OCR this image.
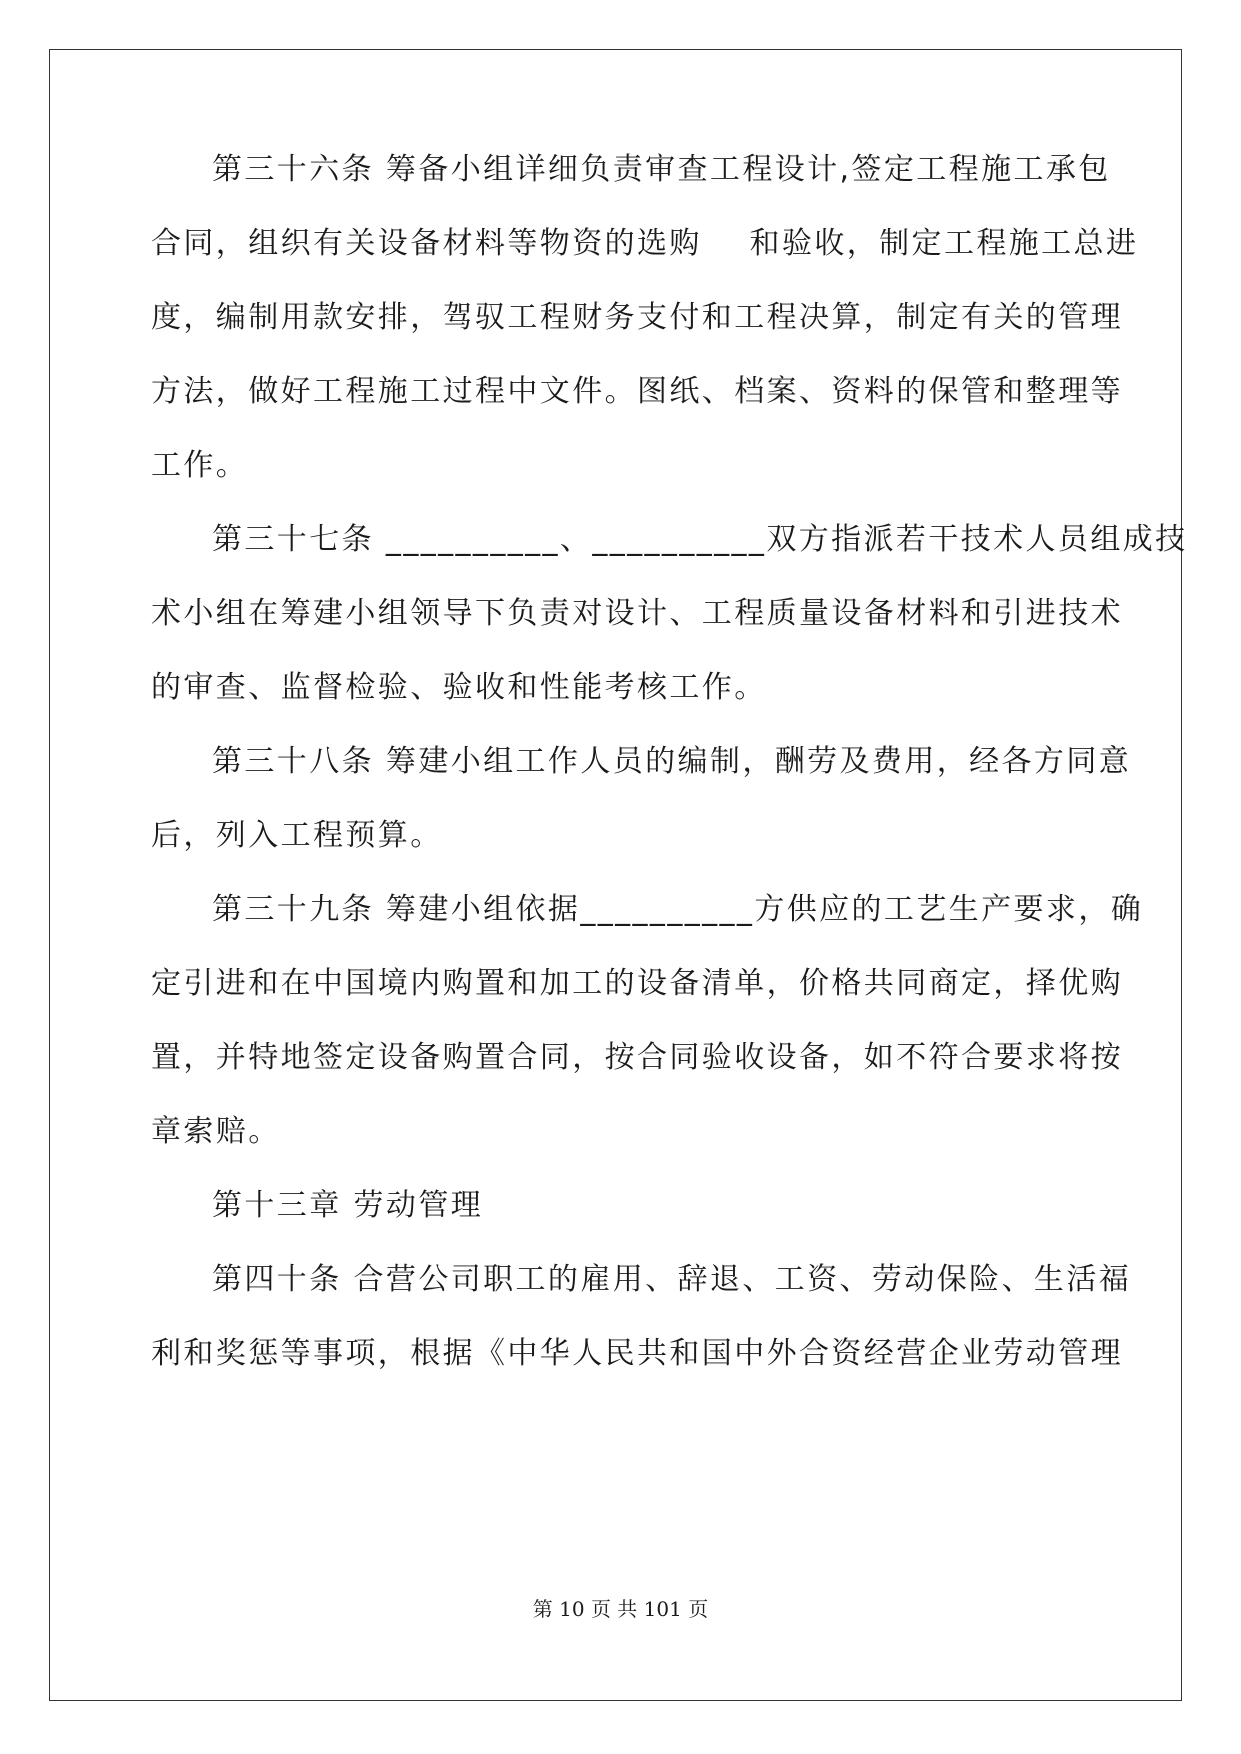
第三十六条 筹备小组详细负责审查工程设计,签定工程施工承包
合同，组织有关设备材料等物资的选购    和验收，制定工程施工总进
度，编制用款安排，驾驭工程财务支付和工程决算，制定有关的管理
方法，做好工程施工过程中文件。图纸、档案、资料的保管和整理等
工作。
第三十七条 __________、__________双方指派若干技术人员组成技
术小组在筹建小组领导下负责对设计、工程质量设备材料和引进技术
的审查、监督检验、验收和性能考核工作。
第三十八条 筹建小组工作人员的编制，酬劳及费用，经各方同意
后，列入工程预算。
第三十九条 筹建小组依据__________方供应的工艺生产要求，确
定引进和在中国境内购置和加工的设备清单，价格共同商定，择优购
置，并特地签定设备购置合同，按合同验收设备，如不符合要求将按
章索赔。
第十三章 劳动管理
第四十条 合营公司职工的雇用、辞退、工资、劳动保险、生活福
利和奖惩等事项，根据《中华人民共和国中外合资经营企业劳动管理
第 10 页 共 101 页
